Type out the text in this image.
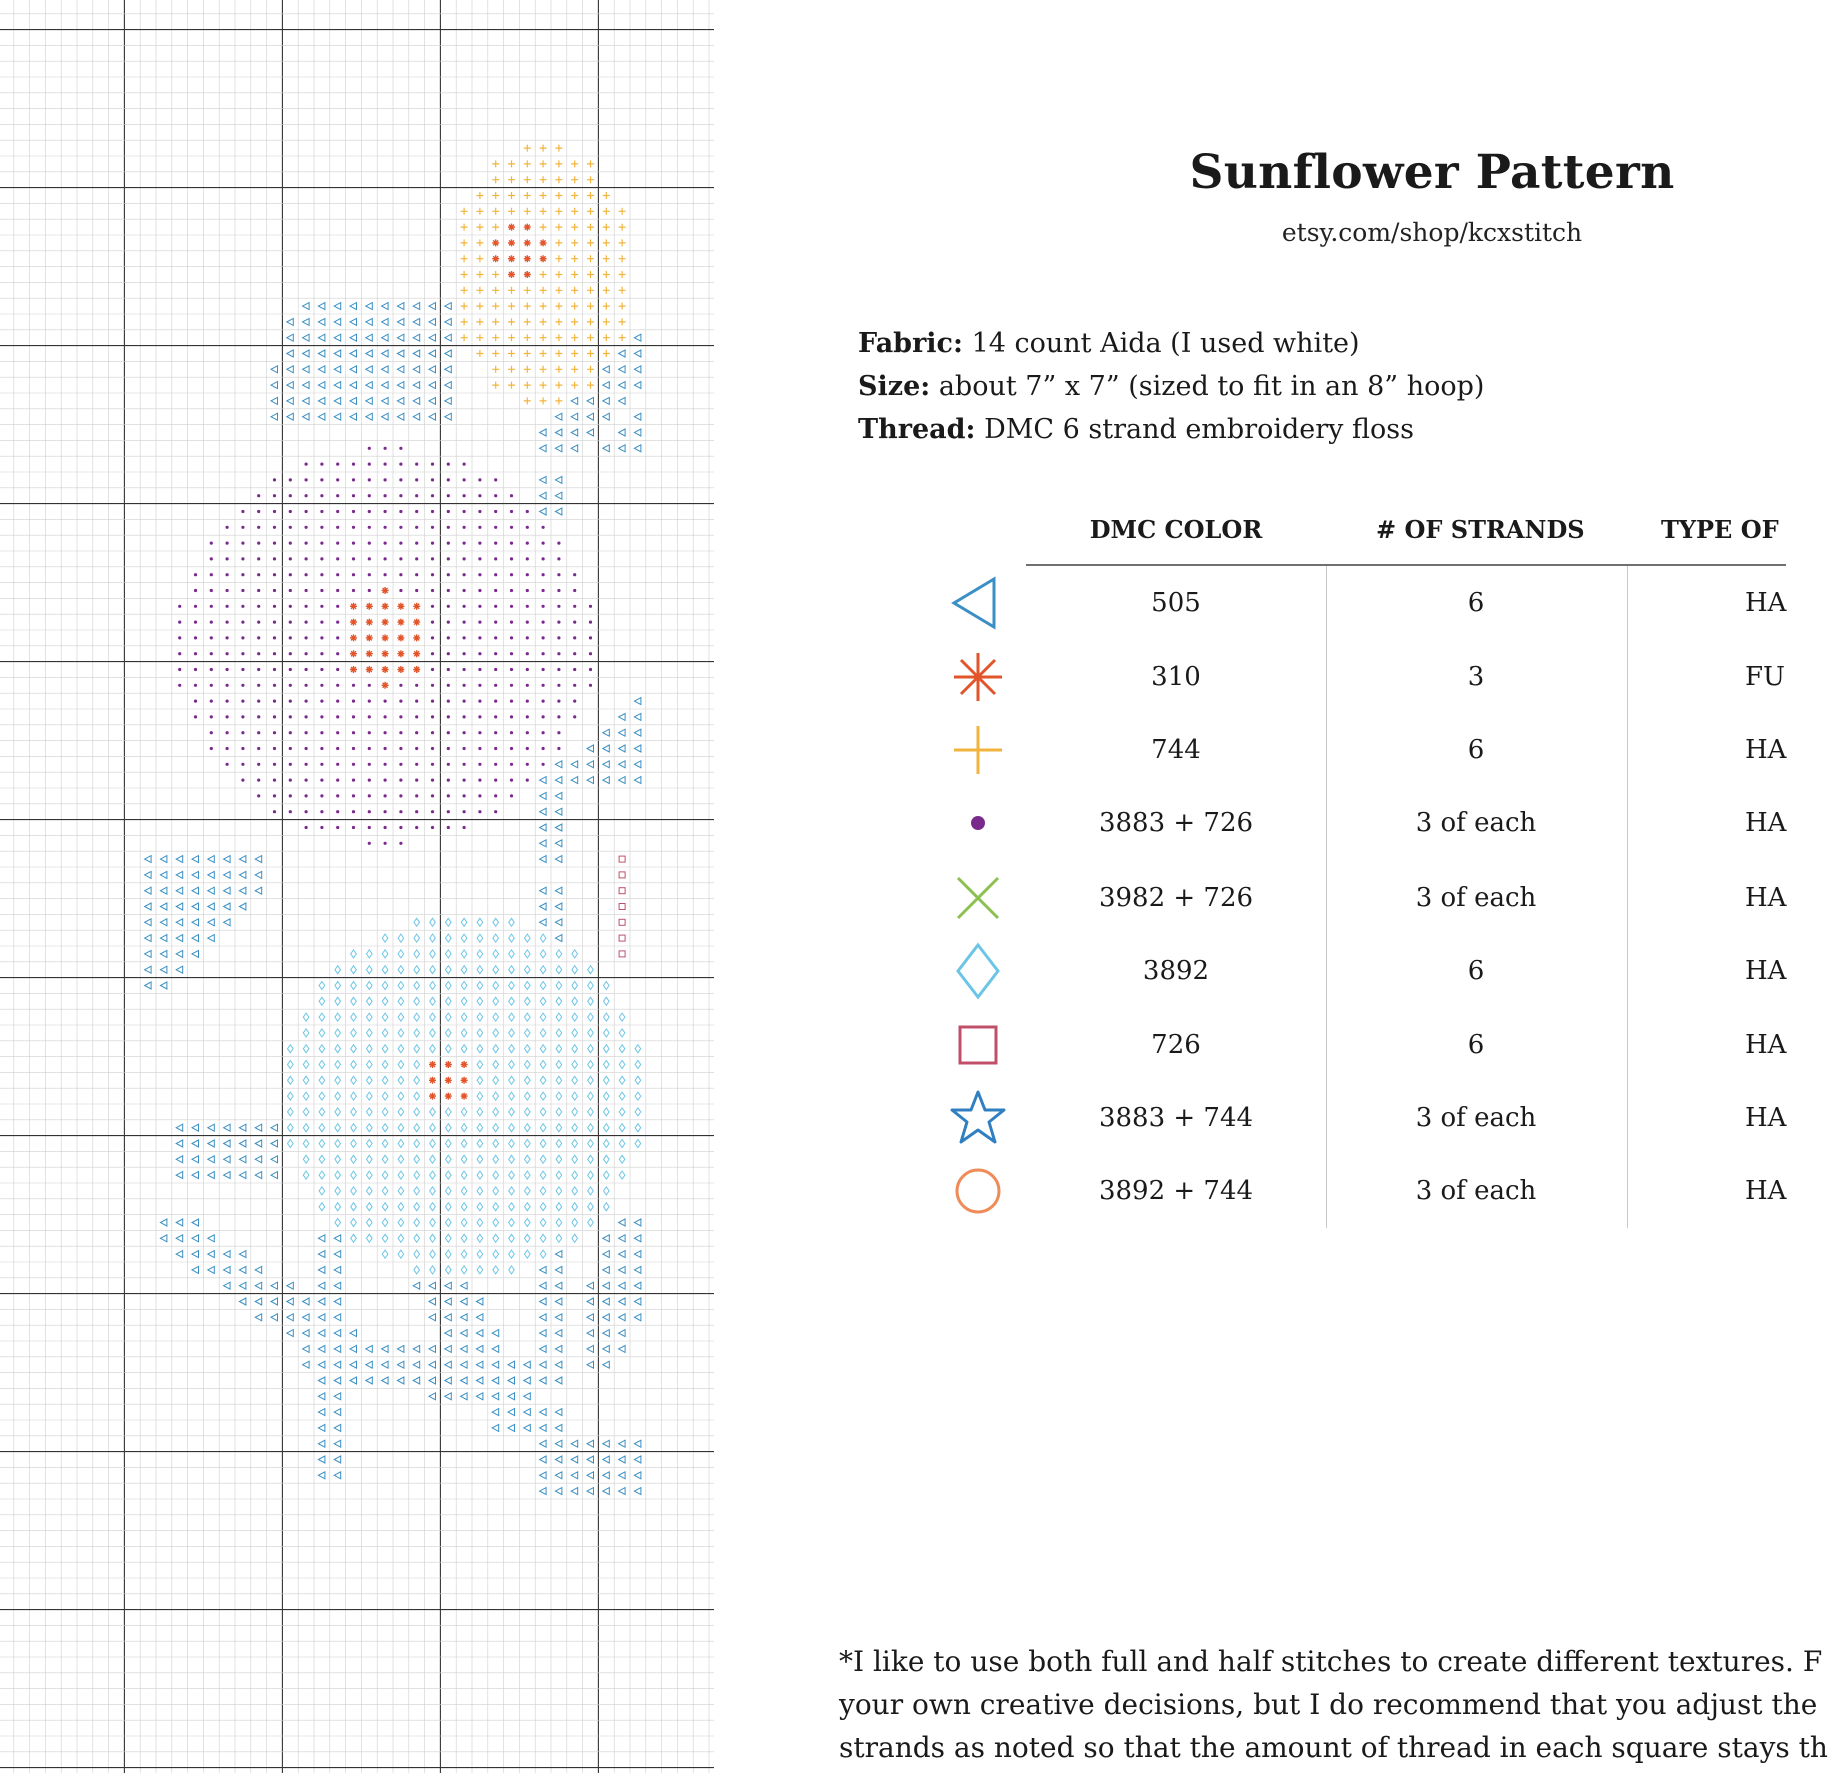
Sunflower Pattern
etsy.com/shop/kcxstitch
Fabric: 14 count Aida (I used white)
Size: about 7” x 7” (sized to fit in an 8” hoop)
Thread: DMC 6 strand embroidery floss
DMC COLOR	# OF STRANDS	TYPE OF
505	6	HA
310	3	FU
744	6	HA
3883 + 726	3 of each	HA
3982 + 726	3 of each	HA
3892	6	HA
726	6	HA
3883 + 744	3 of each	HA
3892 + 744	3 of each	HA
*I like to use both full and half stitches to create different textures. F
your own creative decisions, but I do recommend that you adjust the
strands as noted so that the amount of thread in each square stays th
